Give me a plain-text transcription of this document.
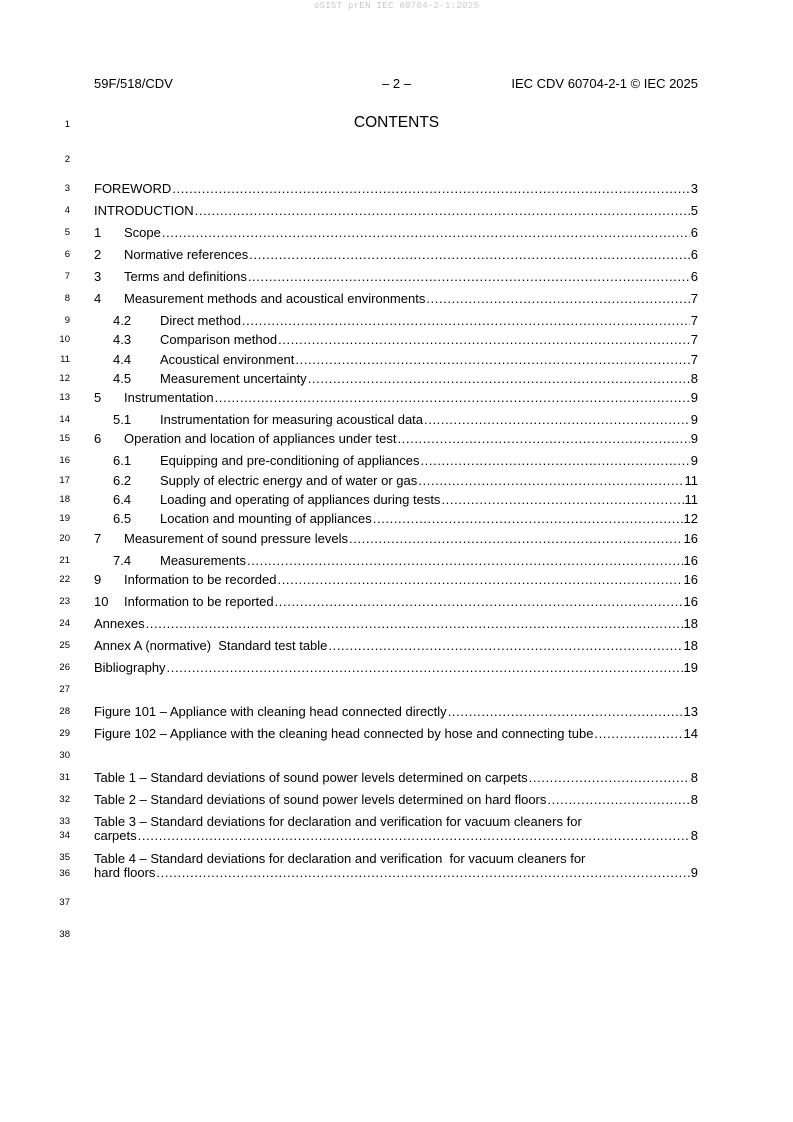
oSIST prEN IEC 60704-2-1:2025
59F/518/CDV	– 2 –	IEC CDV 60704-2-1 © IEC 2025
1
2
3
4
5
6
7
8
9
10
11
12
13
14
15
16
17
18
19
20
21
22
23
24
25
26
27
28
29
30
31
32
33
34
35
36
37
38
CONTENTS
FOREWORD .....	3
INTRODUCTION .....	5
1	Scope .....	6
2	Normative references .....	6
3	Terms and definitions .....	6
4	Measurement methods and acoustical environments .....	7
4.2	Direct method .....	7
4.3	Comparison method .....	7
4.4	Acoustical environment .....	7
4.5	Measurement uncertainty .....	8
5	Instrumentation .....	9
5.1	Instrumentation for measuring acoustical data .....	9
6	Operation and location of appliances under test .....	9
6.1	Equipping and pre-conditioning of appliances .....	9
6.2	Supply of electric energy and of water or gas .....	11
6.4	Loading and operating of appliances during tests .....	11
6.5	Location and mounting of appliances .....	12
7	Measurement of sound pressure levels .....	16
7.4	Measurements .....	16
9	Information to be recorded .....	16
10	Information to be reported .....	16
Annexes .....	18
Annex A (normative)  Standard test table .....	18
Bibliography .....	19
Figure 101 – Appliance with cleaning head connected directly .....	13
Figure 102 – Appliance with the cleaning head connected by hose and connecting tube .....	14
Table 1 – Standard deviations of sound power levels determined on carpets .....	8
Table 2 – Standard deviations of sound power levels determined on hard floors .....	8
Table 3 – Standard deviations for declaration and verification for vacuum cleaners for
carpets .....	8
Table 4 – Standard deviations for declaration and verification  for vacuum cleaners for
hard floors .....	9
